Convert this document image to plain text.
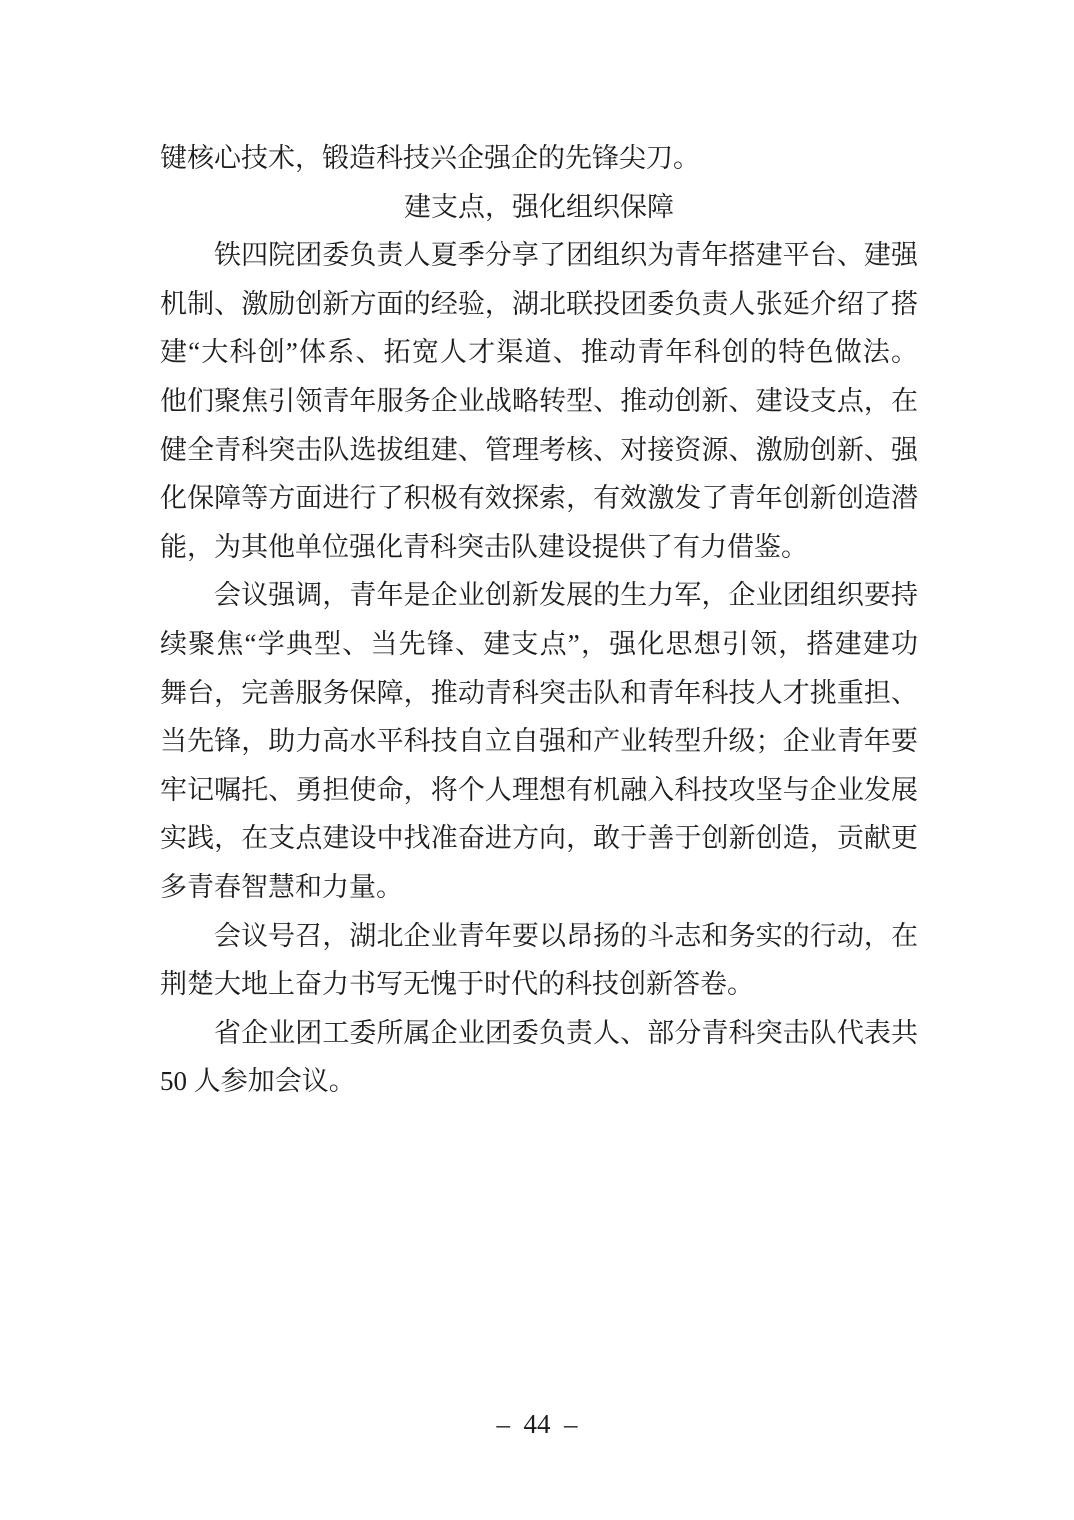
键核心技术，锻造科技兴企强企的先锋尖刀。
建支点，强化组织保障
铁四院团委负责人夏季分享了团组织为青年搭建平台、建强
机制、激励创新方面的经验，湖北联投团委负责人张延介绍了搭
建“大科创”体系、拓宽人才渠道、推动青年科创的特色做法。
他们聚焦引领青年服务企业战略转型、推动创新、建设支点，在
健全青科突击队选拔组建、管理考核、对接资源、激励创新、强
化保障等方面进行了积极有效探索，有效激发了青年创新创造潜
能，为其他单位强化青科突击队建设提供了有力借鉴。
会议强调，青年是企业创新发展的生力军，企业团组织要持
续聚焦“学典型、当先锋、建支点”，强化思想引领，搭建建功
舞台，完善服务保障，推动青科突击队和青年科技人才挑重担、
当先锋，助力高水平科技自立自强和产业转型升级；企业青年要
牢记嘱托、勇担使命，将个人理想有机融入科技攻坚与企业发展
实践，在支点建设中找准奋进方向，敢于善于创新创造，贡献更
多青春智慧和力量。
会议号召，湖北企业青年要以昂扬的斗志和务实的行动，在
荆楚大地上奋力书写无愧于时代的科技创新答卷。
省企业团工委所属企业团委负责人、部分青科突击队代表共
50 人参加会议。
– 44 –
